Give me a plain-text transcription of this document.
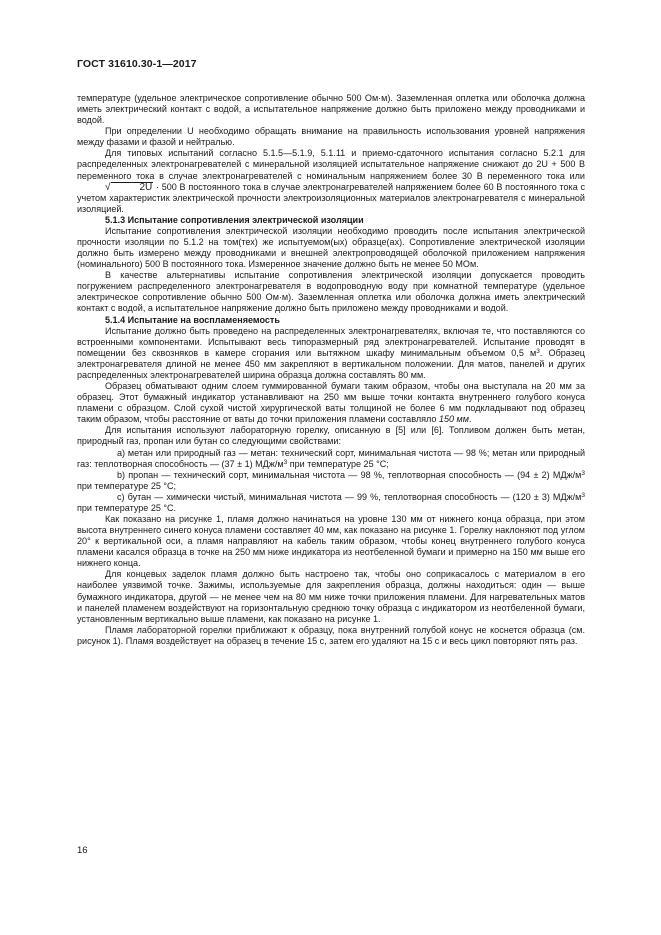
ГОСТ 31610.30-1—2017

температуре (удельное электрическое сопротивление обычно 500 Ом·м). Заземленная оплетка или оболочка должна иметь электрический контакт с водой, а испытательное напряжение должно быть приложено между проводниками и водой.

При определении U необходимо обращать внимание на правильность использования уровней напряжения между фазами и фазой и нейтралью.

Для типовых испытаний согласно 5.1.5—5.1.9, 5.1.11 и приемо-сдаточного испытания согласно 5.2.1 для распределенных электронагревателей с минеральной изоляцией испытательное напряжение снижают до 2U + 500 В переменного тока в случае электронагревателей с номинальным напряжением более 30 В переменного тока или √	2U · 500 В постоянного тока в случае электронагревателей напряжением более 60 В постоянного тока с учетом характеристик электрической прочности электроизоляционных материалов электронагревателя с минеральной изоляцией.

5.1.3 Испытание сопротивления электрической изоляции

Испытание сопротивления электрической изоляции необходимо проводить после испытания электрической прочности изоляции по 5.1.2 на том(тех) же испытуемом(ых) образце(ах). Сопротивление электрической изоляции должно быть измерено между проводниками и внешней электропроводящей оболочкой приложением напряжения (номинального) 500 В постоянного тока. Измеренное значение должно быть не менее 50 МОм.

В качестве альтернативы испытание сопротивления электрической изоляции допускается проводить погружением распределенного электронагревателя в водопроводную воду при комнатной температуре (удельное электрическое сопротивление обычно 500 Ом·м). Заземленная оплетка или оболочка должна иметь электрический контакт с водой, а испытательное напряжение должно быть приложено между проводниками и водой.

5.1.4 Испытание на воспламеняемость

Испытание должно быть проведено на распределенных электронагревателях, включая те, что поставляются со встроенными компонентами. Испытывают весь типоразмерный ряд электронагревателей. Испытание проводят в помещении без сквозняков в камере сгорания или вытяжном шкафу минимальным объемом 0,5 $м^3$. Образец электронагревателя длиной не менее 450 мм закрепляют в вертикальном положении. Для матов, панелей и других распределенных электронагревателей ширина образца должна составлять 80 мм.

Образец обматывают одним слоем гуммированной бумаги таким образом, чтобы она выступала на 20 мм за образец. Этот бумажный индикатор устанавливают на 250 мм выше точки контакта внутреннего голубого конуса пламени с образцом. Слой сухой чистой хирургической ваты толщиной не более 6 мм подкладывают под образец таким образом, чтобы расстояние от ваты до точки приложения пламени составляло 150 мм.

Для испытания используют лабораторную горелку, описанную в [5] или [6]. Топливом должен быть метан, природный газ, пропан или бутан со следующими свойствами:

a) метан или природный газ — метан: технический сорт, минимальная чистота — 98 %; метан или природный газ: теплотворная способность — (37 ± 1) МДж/$м^3$ при температуре 25 °C;

b) пропан — технический сорт, минимальная чистота — 98 %, теплотворная способность — (94 ± 2) МДж/$м^3$ при температуре 25 °C;

c) бутан — химически чистый, минимальная чистота — 99 %, теплотворная способность — (120 ± 3) МДж/$м^3$ при температуре 25 °C.

Как показано на рисунке 1, пламя должно начинаться на уровне 130 мм от нижнего конца образца, при этом высота внутреннего синего конуса пламени составляет 40 мм, как показано на рисунке 1. Горелку наклоняют под углом 20° к вертикальной оси, а пламя направляют на кабель таким образом, чтобы конец внутреннего голубого конуса пламени касался образца в точке на 250 мм ниже индикатора из неотбеленной бумаги и примерно на 150 мм выше его нижнего конца.

Для концевых заделок пламя должно быть настроено так, чтобы оно соприкасалось с материалом в его наиболее уязвимой точке. Зажимы, используемые для закрепления образца, должны находиться: один — выше бумажного индикатора, другой — не менее чем на 80 мм ниже точки приложения пламени. Для нагревательных матов и панелей пламенем воздействуют на горизонтальную среднюю точку образца с индикатором из неотбеленной бумаги, установленным вертикально выше пламени, как показано на рисунке 1.

Пламя лабораторной горелки приближают к образцу, пока внутренний голубой конус не коснется образца (см. рисунок 1). Пламя воздействует на образец в течение 15 с, затем его удаляют на 15 с и весь цикл повторяют пять раз.

16
